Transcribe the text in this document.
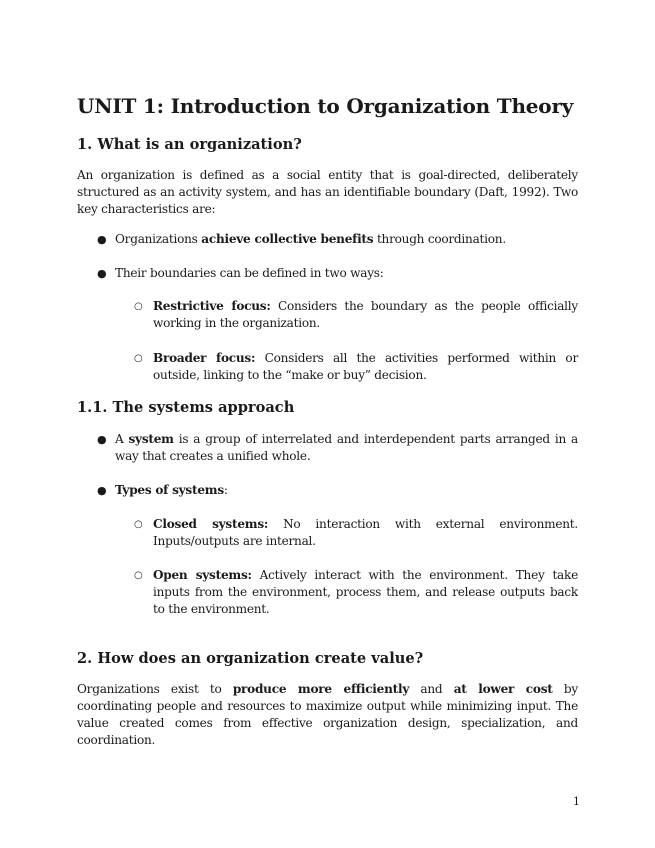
UNIT 1: Introduction to Organization Theory
1. What is an organization?

An organization is defined as a social entity that is goal-directed, deliberately structured as an activity system, and has an identifiable boundary (Daft, 1992). Two key characteristics are:

● Organizations achieve collective benefits through coordination.
● Their boundaries can be defined in two ways:
○ Restrictive focus: Considers the boundary as the people officially working in the organization.
○ Broader focus: Considers all the activities performed within or outside, linking to the “make or buy” decision.
1.1. The systems approach
● A system is a group of interrelated and interdependent parts arranged in a way that creates a unified whole.
● Types of systems:
○ Closed systems: No interaction with external environment. Inputs/outputs are internal.
○ Open systems: Actively interact with the environment. They take inputs from the environment, process them, and release outputs back to the environment.
2. How does an organization create value?

Organizations exist to produce more efficiently and at lower cost by coordinating people and resources to maximize output while minimizing input. The value created comes from effective organization design, specialization, and coordination.

1
